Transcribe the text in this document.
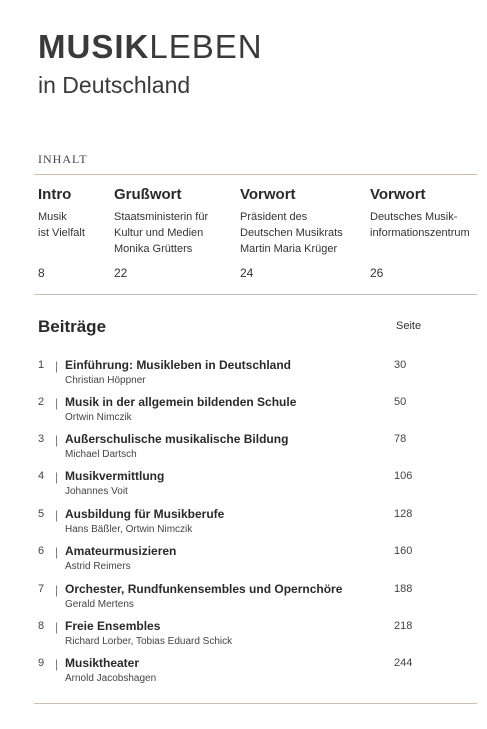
MUSIKLEBEN
in Deutschland
INHALT
Intro
Musik
ist Vielfalt
8
Grußwort
Staatsministerin für
Kultur und Medien
Monika Grütters
22
Vorwort
Präsident des
Deutschen Musikrats
Martin Maria Krüger
24
Vorwort
Deutsches Musik-
informationszentrum
26
Beiträge	Seite
1 | Einführung: Musikleben in Deutschland
Christian Höppner
30
2 | Musik in der allgemein bildenden Schule
Ortwin Nimczik
50
3 | Außerschulische musikalische Bildung
Michael Dartsch
78
4 | Musikvermittlung
Johannes Voit
106
5 | Ausbildung für Musikberufe
Hans Bäßler, Ortwin Nimczik
128
6 | Amateurmusizieren
Astrid Reimers
160
7 | Orchester, Rundfunkensembles und Opernchöre
Gerald Mertens
188
8 | Freie Ensembles
Richard Lorber, Tobias Eduard Schick
218
9 | Musiktheater
Arnold Jacobshagen
244
